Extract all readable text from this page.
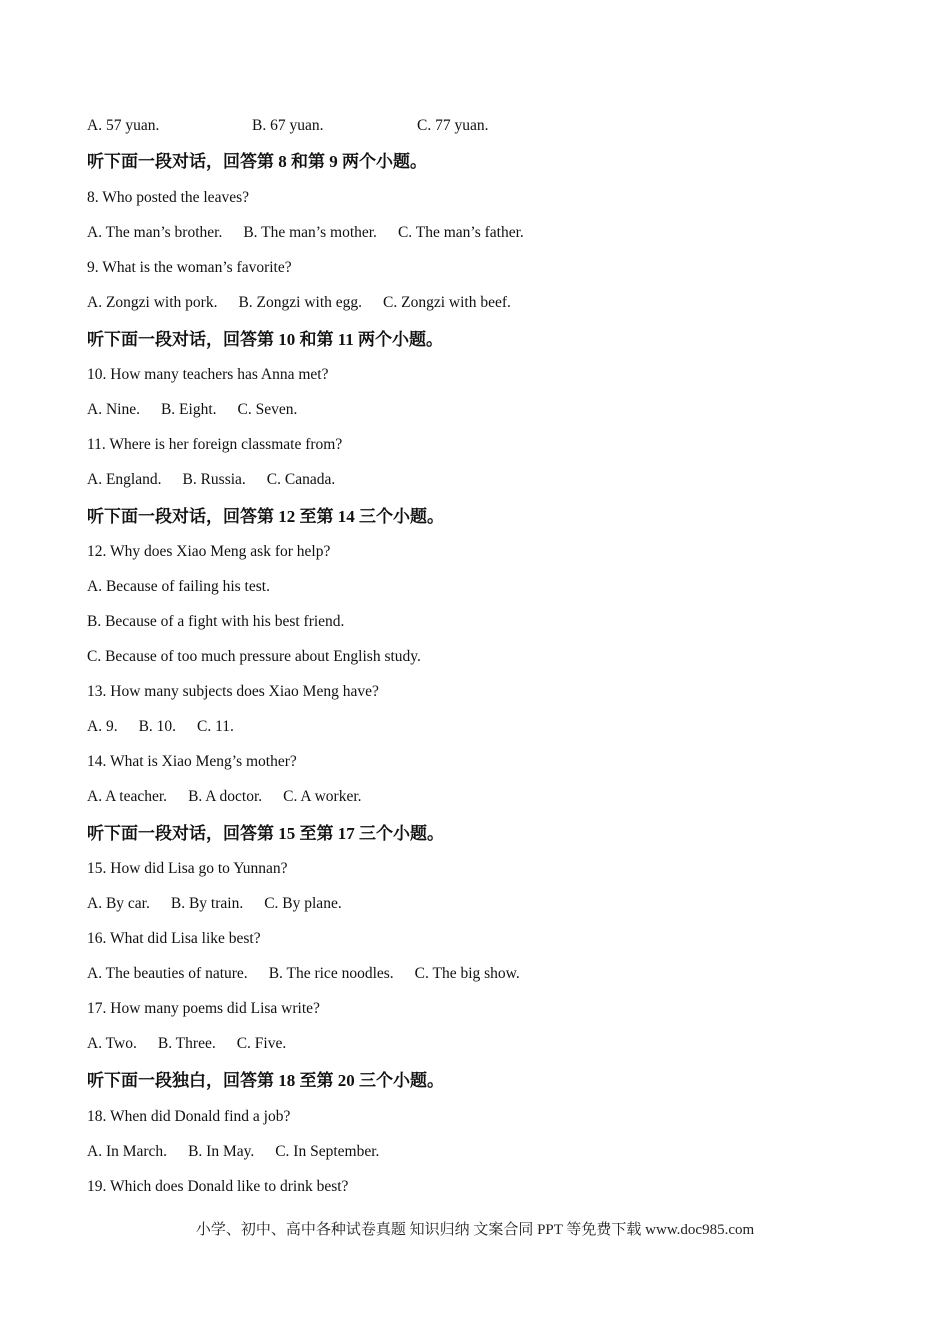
A. 57 yuan.	B. 67 yuan.	C. 77 yuan.
听下面一段对话，回答第 8 和第 9 两个小题。
8. Who posted the leaves?
A. The man’s brother. B. The man’s mother. C. The man’s father.
9. What is the woman’s favorite?
A. Zongzi with pork. B. Zongzi with egg. C. Zongzi with beef.
听下面一段对话，回答第 10 和第 11 两个小题。
10. How many teachers has Anna met?
A. Nine. B. Eight. C. Seven.
11. Where is her foreign classmate from?
A. England. B. Russia. C. Canada.
听下面一段对话，回答第 12 至第 14 三个小题。
12. Why does Xiao Meng ask for help?
A. Because of failing his test.
B. Because of a fight with his best friend.
C. Because of too much pressure about English study.
13. How many subjects does Xiao Meng have?
A. 9. B. 10. C. 11.
14. What is Xiao Meng’s mother?
A. A teacher. B. A doctor. C. A worker.
听下面一段对话，回答第 15 至第 17 三个小题。
15. How did Lisa go to Yunnan?
A. By car. B. By train. C. By plane.
16. What did Lisa like best?
A. The beauties of nature. B. The rice noodles. C. The big show.
17. How many poems did Lisa write?
A. Two. B. Three. C. Five.
听下面一段独白，回答第 18 至第 20 三个小题。
18. When did Donald find a job?
A. In March. B. In May. C. In September.
19. Which does Donald like to drink best?
小学、初中、高中各种试卷真题 知识归纳 文案合同 PPT 等免费下载 www.doc985.com
